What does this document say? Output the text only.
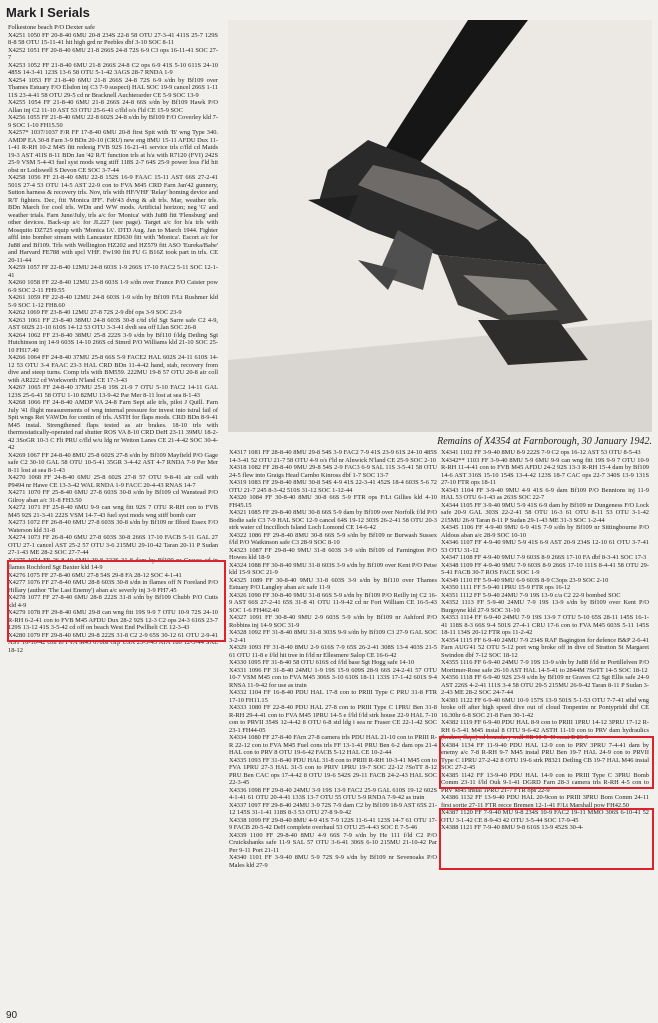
Mark I Serials

Folkestone beach P/O Dexter safe
X4251 1050 FF 20-8-40 6MU 20-8 234S 22-8 58 OTU 27-3-41 411S 25-7 129S 8-8 58 OTU 15-11-41 hit high grd nr Peebles dbf 3-10 SOC 8-11
X4252 1051 FF 20-8-40 6MU 21-8 266S 24-8 72S 6-9 C3 ops 16-11-41 SOC 27-7
X4253 1052 FF 21-8-40 6MU 21-8 266S 24-8 C2 ops 6-9 41S 5-10 611S 24-10 485S 14-3-41 123S 13-6 58 OTU 5-1-42 3AGS 28-7 RNDA 1-9
X4254 1053 FF 21-8-40 6MU 21-8 266S 24-8 72S 6-9 s/dn by Bf109 over Thames Estuary F/O Elsdon inj C3 7-9 suspect) HAL SOC 19-9 cancel 266S 1-11 11S 23-4-41 58 OTU 29-5 cd nr Bracknell Auchterarder CE 5-9 SOC 13-9
X4255 1054 FF 21-8-40 6MU 21-8 266S 24-8 66S s/dn by Bf109 Hawk P/O Allan inj C2 11-10 AST 53 OTU 25-6-41 c/fld o/s f'ld CE 15-9 SOC
X4256 1055 FF 21-8-40 6MU 22-8 602S 24-8 s/dn by Bf109 F/O Coverley kld 7-9 SOC 1-10 FH15.50
X4257* 1037/1037 F/R FF 17-8-40 6MU 20-8 first Spit with 'B' wng Type 340. AMDP EA 30-8 Farn 3-9 BDn 20-10 (CRU) new eng 8MU 15-11 AFDU Dux 11-1-41 R-RH 10-2 M45 fitt redesig FVB 92S 16-21-41 service trls c/fld cd Maids 19-3 AST 41IS 8-11 BDn Jan '42 R/T function trls at h/a with R7120 (FVI) 242S 25-9 VSM 5-4-43 fuel syst mods wng stiff 118S 2-7 64S 25-9 power loss f'ld hit obst nr Lodiswell S Devon CE SOC 3-7-44
X4258 1056 FF 21-8-40 6MU 22-8 152S 16-9 FAAC 15-11 AST 66S 27-2-41 501S 27-4 53 OTU 14-5 AST 22-9 con to FVA M45 CRD Farn Jan'42 gunnery, Sutton harness & recovery trls. Nov, trls with HF/VHF 'Relay' homing device and R/T fighters. Dec, fitt 'Monica IFF'. Feb'43 dvng & alt trls. Mar, weather trls. BDn March for cool trls. WDn and WW mods. Artificial horizon; neg 'G' and weather trials. Farn June/July, trls a/c for 'Monica' with Ju88 fitt 'Flensburg' and other devices. Back-up a/c for JL227 (see page). Target a/c for h/a trls with Mosquito DZ725 equip with 'Monica IA'. DTD Aug. Jan to March 1944. Fighter affil into bomber stream with Lancaster ED630 fitt with 'Monica'. Escort a/c for Ju88 and Bf109. Trls with Wellington HZ202 and HZ579 fitt ASO 'Eureka/Babe' and Harvard FE788 with spcl VHF. Fw190 fitt FU G B16Z took part in trls. CE 20-11-44
X4259 1057 FF 22-8-40 12MU 24-8 603S 1-9 266S 17-10 FAC2 5-11 SOC 12-1-41
X4260 1058 FF 22-8-40 12MU 23-8 603S 1-9 s/dn over France P/O Caister pow 6-9 SOC 2-11 FH9.55
X4261 1059 FF 22-8-40 12MU 24-8 603S 1-9 s/dn by Bf109 F/Lt Rushmer kld 5-9 SOC 1-12 FH8.60
X4262 1069 FF 23-8-40 12MU 27-8 72S 2-9 dbf ops 3-9 SOC 23-9
X4263 1061 FF 23-8-40 38MU 24-8 603S 30-8 c/td t/ld Sgt Sarre safe C2 4-9, AST 602S 21-10 610S 14-12 53 OTU 3-3-41 dvdi sea off Llan SOC 26-8
X4264 1062 FF 23-8-40 38MU 25-8 222S 3-9 s/dn by Bf110 f/ldg Detling Sgt Hutchinson inj 14-9 603S 14-10 266S cd Stmrd P/O Williams kld 21-10 SOC 25-10 FH17.40
X4266 1064 FF 24-8-40 37MU 25-8 66S 5-9 FACE2 HAL 602S 24-11 610S 14-12 53 OTU 3-4 FAAC 23-3 HAL CRD BDn 11-4-42 hand, stab, recovery from dive and steep turns. Comp trls with BM559. 222MU 19-8 57 OTU 20-8 air coll with AR222 cd Workworth N'land CE 17-3-43
X4267 1065 FF 24-8-40 37MU 25-8 19S 21-9 7 OTU 5-10 FAC2 14-11 GAL 123S 25-6-41 58 OTU 1-10 82MU 13-9-42 Par Mer 8-11 lost at sea 8-1-43
X4268 1066 FF 24-8-40 AMDP VA 24-8 Farn Sept aile trls, pilot J Quill. Farn July '41 flight measurements of wng internal pressure for invest into tstral fail of Spit wngs Ret VAWDn for contin of trls. ASTH for flaps mods. CRD BDn 8-9-41 M45 instal. Strengthened flaps tested as air brakes. 18-10 trls with thermostatically-operated rad shutter ROS VA 8-10 CRD DeH 23-11 39MU 18-2-42 3SoGR 10-3 C Flt PRU c/fld w/u ldg nr Wetton Lanes CE 21-4-42 SOC 30-4-42
X4269 1067 FF 24-8-40 8MU 25-8 602S 27-8 s/dn by Bf109 Mayfield P/O Gage safe C2 30-10 GAL 58 OTU 10-5-41 35GR 3-4-42 AST 4-7 RNDA 7-9 Per Mer 8-11 lost at sea 8-1-43
X4270 1068 FF 24-8-40 6MU 25-8 602S 27-8 57 OTU 9-8-41 air coll with P9494 nr Hawe CE 13-3-42 WAL RNDA 1-9 FACC 20-4-43 RNAS 14-7
X4271 1070 FF 25-8-40 6MU 27-8 603S 30-8 s/dn by Bf109 cd Wanstead P/O Gilroy aban a/c 31-8 FH3.50
X4272 1071 FF 25-8-40 6MU 9-9 can wng fitt 92S 7 OTU R-RH con to FVB M45 92S 21-3-41 222S VSM 14-7-43 fuel syst mods wng stiff bomb carr
X4273 1072 FF 26-8-40 6MU 27-8 603S 30-8 s/dn by Bf109 nr Ilford Essex F/O Waterson kld 31-8
X4274 1073 FF 26-8-40 6MU 27-8 603S 30-8 266S 17-10 FACB 5-11 GAL 27 OTU 27-1 cancel AST 25-2 57 OTU 3-6 215MU 29-10-42 Taran 20-11 P Sudan 27-1-43 ME 28-2 SOC 27-7-44
X4275 1074 FF 26-8-40 6MU 29-8 222S 31-8 dam by Bf109 nr Graves cd in flames Rochford Sgt Baxter kld 14-9
X4276 1075 FF 27-8-40 6MU 27-8 54S 29-8 FA 28-12 SOC 4-1-41
X4277 1076 FF 27-8-40 6MU 28-8 603S 30-8 s/dn in flames off N Foreland P/O Hillary (author 'The Last Enemy') aban a/c severly inj 3-9 FH7.45
X4278 1077 FF 27-8-40 6MU 28-8 222S 31-8 s/dn by Bf109 Chubb P/O Cutts kld 4-9
X4279 1078 FF 29-8-40 6MU 29-8 can wng fitt 19S 9-9 7 OTU 10-9 72S 24-10 R-RH 6-2-41 con to FVB M45 AFDU Dux 28-2 92S 12-3 C2 ops 24-3 616S 23-7 129S 13-12 41S 3-5-42 cd off on beach West End Pwllheli CE 12-3-43
X4280 1079 FF 29-8-40 6MU 29-8 222S 31-8 C2 2-9 65S 30-12 61 OTU 2-9-41 AST 16-10-42 con to FVA M45 670bs Grp USA 25-3-43 ATA 186 12-3-44 SAL 18-12

Remains of X4354 at Farnborough, 30 January 1942.

X4317 1081 FF 28-8-40 8MU 29-8 54S 3-9 FAC2 7-9 41S 23-9 61S 24-10 485S 14-3-41 52 OTU 21-7 58 OTU 4-9 o/s f'ld nr Alnwick N'land CE 25-9 SOC 2-10
X4318 1082 FF 28-8-40 9MU 29-8 54S 2-9 FAC3 6-9 SAL 11S 3-5-41 58 OTU 24-5 flew into Graigs Head Carnbo Kinross dbf 1-7 SOC 13-7
X4319 1083 FF 29-8-40 8MU 30-8 54S 4-9 41S 22-3-41 452S 18-4 603S 5-6 72 OTU 21-7 245 8-3-42 510S 31-12 SOC 1-12-44
X4320 1084 FF 30-8-40 8MU 30-8 66S 5-9 FTR ops F/Lt Gillies kld 4-10 FH45.15
X4321 1085 FF 29-8-40 8MU 30-8 66S 5-9 dam by Bf109 over Norfolk f/ld P/O Bodie safe C3 7-9 HAL SOC 12-9 cancel 64S 19-12 303S 26-2-41 58 OTU 20-3 strk water cd Inccilloch Island Loch Lomond CE 14-6-42
X4322 1086 FF 29-8-40 8MU 30-8 66S 5-9 s/dn by Bf109 nr Burwash Sussex f/ld P/O Watkinson safe C3 28-9 SOC 8-10
X4323 1087 FF 29-8-40 9MU 31-8 603S 3-9 s/dn Bf109 cd Farnington P/O Howes kld 18-9
X4324 1088 FF 30-8-40 9MU 31-8 603S 3-9 s/dn by Bf109 over Kent P/O Peise kld 15-9 SOC 21-9
X4325 1089 FF 30-8-40 9MU 31-8 603S 3-9 s/dn by Bf110 over Thames Estuary P/O Langley aban a/c safe 11-9
X4326 1090 FF 30-8-40 9MU 31-8 66S 5-9 s/dn by Bf109 P/O Reilly inj C2 16-9 AST 66S 27-2-41 65S 31-8 41 OTU 11-9-42 cd nr Fort William CE 16-5-43 SOC 1-6 FH462.40
X4327 1091 FF 30-8-40 9MU 2-9 603S 5-9 s/dn by Bf109 nr Ashford P/O Robbins inj 14-9 SOC 31-9
X4328 1092 FF 31-8-40 8MU 31-8 303S 9-9 s/dn by Bf109 C3 27-9 GAL SOC 3-2-41
X4329 1093 FF 31-8-40 8MU 2-9 616S 7-9 65S 26-2-41 308S 13-4 403S 21-5 61 OTU 11-8 e f/ld hit tree in f/ld nr Ellesmere Salop CE 16-6-42
X4330 1095 FF 31-8-40 58 OTU 616S cd f/ld base Sgt Hogg safe 14-10
X4331 1096 FF 31-8-40 24MU 1-9 19S 15-9 609S 28-9 66S 24-2-41 57 OTU 10-7 VSM M45 con to FVA M45 306S 3-10 610S 18-11 133S 17-1-42 601S 9-4 RNSA 11-9-42 for use as train
X4332 1104 FF 16-8-40 PDU HAL 17-8 con to PRIII Type C PRU 31-8 FTR 17-10 FH11.15
X4333 1080 FF 22-8-40 PDU HAL 27-8 con to PRIII Type C 1PRU Ben 31-8 R-RH 29-4-41 con to FVA M45 1PRU 14-5 e f/ld f/ld strk house 22-9 HAL 7-10 con to PRVII 354S 12-4-42 8 OTU 6-8 std ldg i sea nr Fraser CE 22-1-42 SOC 23-1 FH44-05
X4334 1080 FF 27-8-40 FArn 27-8 camera trls PDU HAL 21-10 con to PRIII R-R 22-12 con to FVA M45 Fuel cons trls FF 13-1-41 PRU Ben 6-2 dam ops 21-4 HAL con to PRV 8 OTU 19-6-42 FACB 5-12 HAL CE 10-2-44
X4335 1093 FF 31-8-40 PDU HAL 31-8 con to PRIII R-RH 10-3-41 M45 con to FVA 1PRU 27-3 HAL 31-5 con to PRIV 1PRU 19-7 SOC 22-12 ?SoTT 8-12 PRU Ben CAC ops 17-4-42 8 OTU 19-6 542S 29-11 FACB 24-2-43 HAL SOC 22-3-45
X4336 1098 FF 29-8-40 24MU 3-9 19S 13-9 FAC2 25-9 GAL 610S 19-12 602S 4-1-41 61 OTU 20-4-41 133S 13-7 OTU 55 OTU 5-9 RNDA 7-9-42 as train
X4337 1097 FF 29-8-40 24MU 3-9 72S 7-9 dam C2 by Bf109 18-9 AST 65S 21-12 145S 31-1-41 118S 8-3 53 OTU 27-8 9-9-42
X4338 1099 FF 29-8-40 8MU 4-9 41S 7-9 122S 11-6-41 123S 14-7 61 OTU 17-9 FACB 20-5-42 DeH complete overhaul 53 OTU 25-4-43 SOC E 7-5-46
X4339 1100 FF 29-8-40 8MU 4-9 66S 7-9 s/dn by He 111 f/ld C2 P/O Cruickshanks safe 11-9 SAL 57 OTU 3-6-41 306S 6-10 215MU 21-10-42 Par Per 9-11 Port 21-11
X4340 1101 FF 3-9-40 8MU 5-9 72S 9-9 s/dn by Bf109 nr Sevenoaks P/O Males kld 27-9

X4341 1102 FF 3-9-40 8MU 8-9 222S 7-9 C2 ops 16-12 AST 53 OTU 8-5-43
X4342** 1103 FF 3-9-40 8MU 5-9 6MU 9-9 can wng fitt 19S 9-9 7 OTU 10-9 R-RH 11-4-41 con to FVB M45 AFDU 24-2 92S 13-3 R-RH 15-4 dam by Bf109 14-6 AST 316S 15-10 154S 13-4-42 123S 18-7 CAC ops 22-7 340S 13-9 131S 27-10 FTR ops 18-11
X4343 1104 FF 3-9-40 9MU 4-9 41S 6-9 dam Bf109 P/O Bennions inj 11-9 HAL 53 OTU 6-1-43 as 263S SOC 22-7
X4344 1105 FF 3-9-40 9MU 5-9 41S 6-9 dam by Bf109 nr Dungeness F/O Lock safe 20-9 GAL 303S 22-2-41 58 OTU 16-3 61 OTU 8-11 53 OTU 3-1-42 215MU 26-9 Taran 8-11 P Sudan 29-1-43 ME 31-3 SOC 1-2-44
X4345 1106 FF 4-9-40 9MU 6-9 41S 7-9 s/dn by Bf109 nr Sittingbourne P/O Aldous aban a/c 28-9 SOC 10-10
X4346 1107 FF 4-9-40 9MU 5-9 41S 6-9 AST 20-9 234S 12-10 61 OTU 3-7-41 53 OTU 31-12
X4347 1108 FF 4-9-40 9MU 7-9 603S 8-9 266S 17-10 FA dbf 8-3-41 SOC 17-3
X4348 1109 FF 4-9-40 9MU 7-9 603S 8-9 266S 17-10 111S 8-4-41 58 OTU 29-5-41 FACB 30-7 ROS FACE SOC 1-9
X4349 1110 FF 5-9-40 9MU 6-9 603S 8-9 C3ops 23-9 SOC 2-10
X4350 1111 FF 5-9-40 1PRU 15-9 FTR ops 16-12
X4351 1112 FF 5-9-40 24MU 7-9 19S 13-9 c/a C2 22-9 bombed SOC
X4352 1113 FF 5-9-40 24MU 7-9 19S 13-9 s/dn by Bf109 over Kent P/O Burgoyne kld 27-9 SOC 31-10
X4353 1114 FF 6-9-40 24MU 7-9 19S 13-9 7 OTU 5-10 65S 28-11 145S 16-1-41 118S 8-3 66S 9-4 501S 27-4-1 CRU 17-6 con to FVA M45 603S 5-11 145S 18-11 134S 20-12 FTR ops 11-2-42
X4354 1115 FF 6-9-40 24MU 7-9 234S RAF Bagington for defence B&P 2-6-41 Farn AUG'41 52 OTU 5-12 port wng broke off in dive cd Stratton St Margaret Swindon dbf 7-12 SOC 18-12
X4355 1116 FF 6-9-40 24MU 7-9 19S 13-9 s/dn by Ju88 f/ld nr Portillelven P/O Mortimer-Rose safe 26-10 AST HAL 14-5-41 to 2844M ?SoTT 14-5 SOC 18-12
X4356 1118 FF 6-9-40 92S 23-9 s/dn by Bf109 nr Graves C2 Sgt Ellis safe 24-9 AST 226S 4-2-41 111S 3-4 58 OTU 29-5 215MU 26-9-42 Taran 8-11 P Sudan 3-2-43 ME 28-2 SOC 24-7-44
X4381 1122 FF 6-9-40 6MU 10-9 157S 13-9 501S 5-1-53 OTU 7-7-41 sthd wng broke off after high speed dive out of cloud Tonpentre nr Pontypridd dbf CE 16.30hr 6-8 SOC 21-8 Farn 30-1-42
X4382 1119 FF 6-9-40 PDU HAL 8-9 con to PRIII 1PRU 14-12 3PRU 17-12 R-RH 6-5-41 M45 instal 8 OTU 9-6-42 ASTH 11-10 con to PRV dam hydraulics (brakes, flaps) cd boundary wall CB 10-5-43 recat E 26-5
X4384 1134 FF 11-9-40 PDU HAL 12-9 con to PRV 3PRU 7-4-41 dam by enemy a/c 7-8 R-RH 9-7 M45 instal PRU Ben 19-7 HAL 24-9 con to PRVII Type C 1PRU 27-2-42 8 OTU 19-6 strk P8321 Detling CB 19-7 HAL M46 instal SOC 27-2-45
X4385 1142 FF 13-9-40 PDU HAL 14-9 con to PRIII Type C 3PRU Bomb Comm 23-11 f/ld Ouk 9-1-41 DGRD Farn 28-3 camera trls R-RH 4-5 con to PRV M45 instal 1PRU 21-7 FTR ops 22-9
X4386 1132 FF 13-9-40 PDU HAL 20-9con to PRIII 3PRU Bom Comm 24-11 first sortie 27-11 FTR recce Bremen 12-1-41 F/Lt Marshall pow FH42.50
X4387 1120 FF 7-9-40 MU 9-8 234S 10-9 FAC2 19-11 MMO 306S 6-10-41 52 OTU 3-1-42 CE 8-9-43 42 OTU 3-5-44 SOC 17-9-45
X4388 1121 FF 7-9-40 8MU 9-8 616S 13-9 452S 30-4-

90
